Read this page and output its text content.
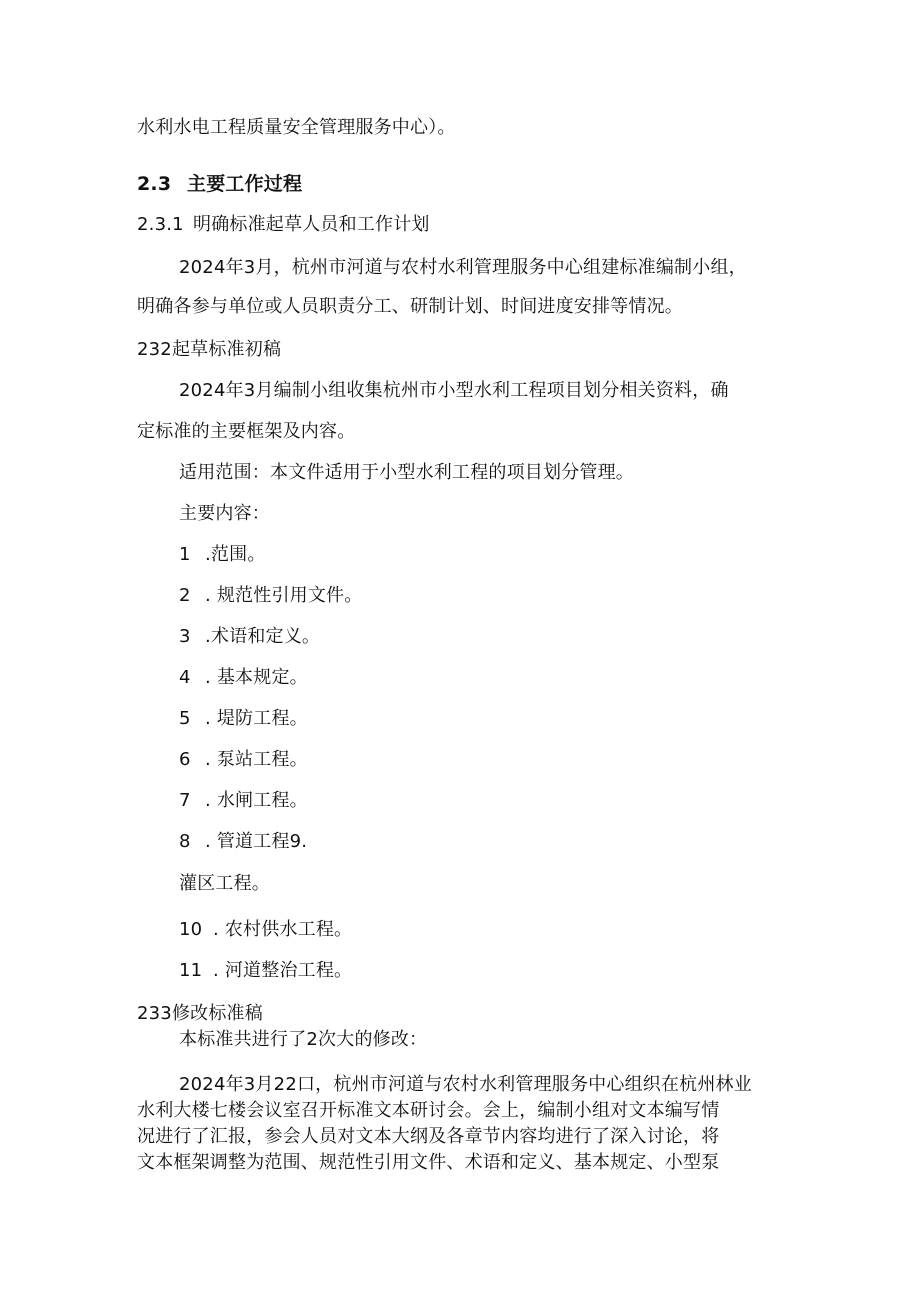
水利水电工程质量安全管理服务中心）。
2.3 主要工作过程
2.3.1 明确标准起草人员和工作计划
2024年3月，杭州市河道与农村水利管理服务中心组建标准编制小组，
明确各参与单位或人员职责分工、研制计划、时间进度安排等情况。
232起草标准初稿
2024年3月编制小组收集杭州市小型水利工程项目划分相关资料，确
定标准的主要框架及内容。
适用范围：本文件适用于小型水利工程的项目划分管理。
主要内容：
1 .范围。
2 . 规范性引用文件。
3 .术语和定义。
4 . 基本规定。
5 . 堤防工程。
6 . 泵站工程。
7 . 水闸工程。
8 . 管道工程9.
灌区工程。
10 . 农村供水工程。
11 . 河道整治工程。
233修改标准稿
本标准共进行了2次大的修改：
2024年3月22口，杭州市河道与农村水利管理服务中心组织在杭州林业
水利大楼七楼会议室召开标准文本研讨会。会上，编制小组对文本编写情
况进行了汇报，参会人员对文本大纲及各章节内容均进行了深入讨论，将
文本框架调整为范围、规范性引用文件、术语和定义、基本规定、小型泵
